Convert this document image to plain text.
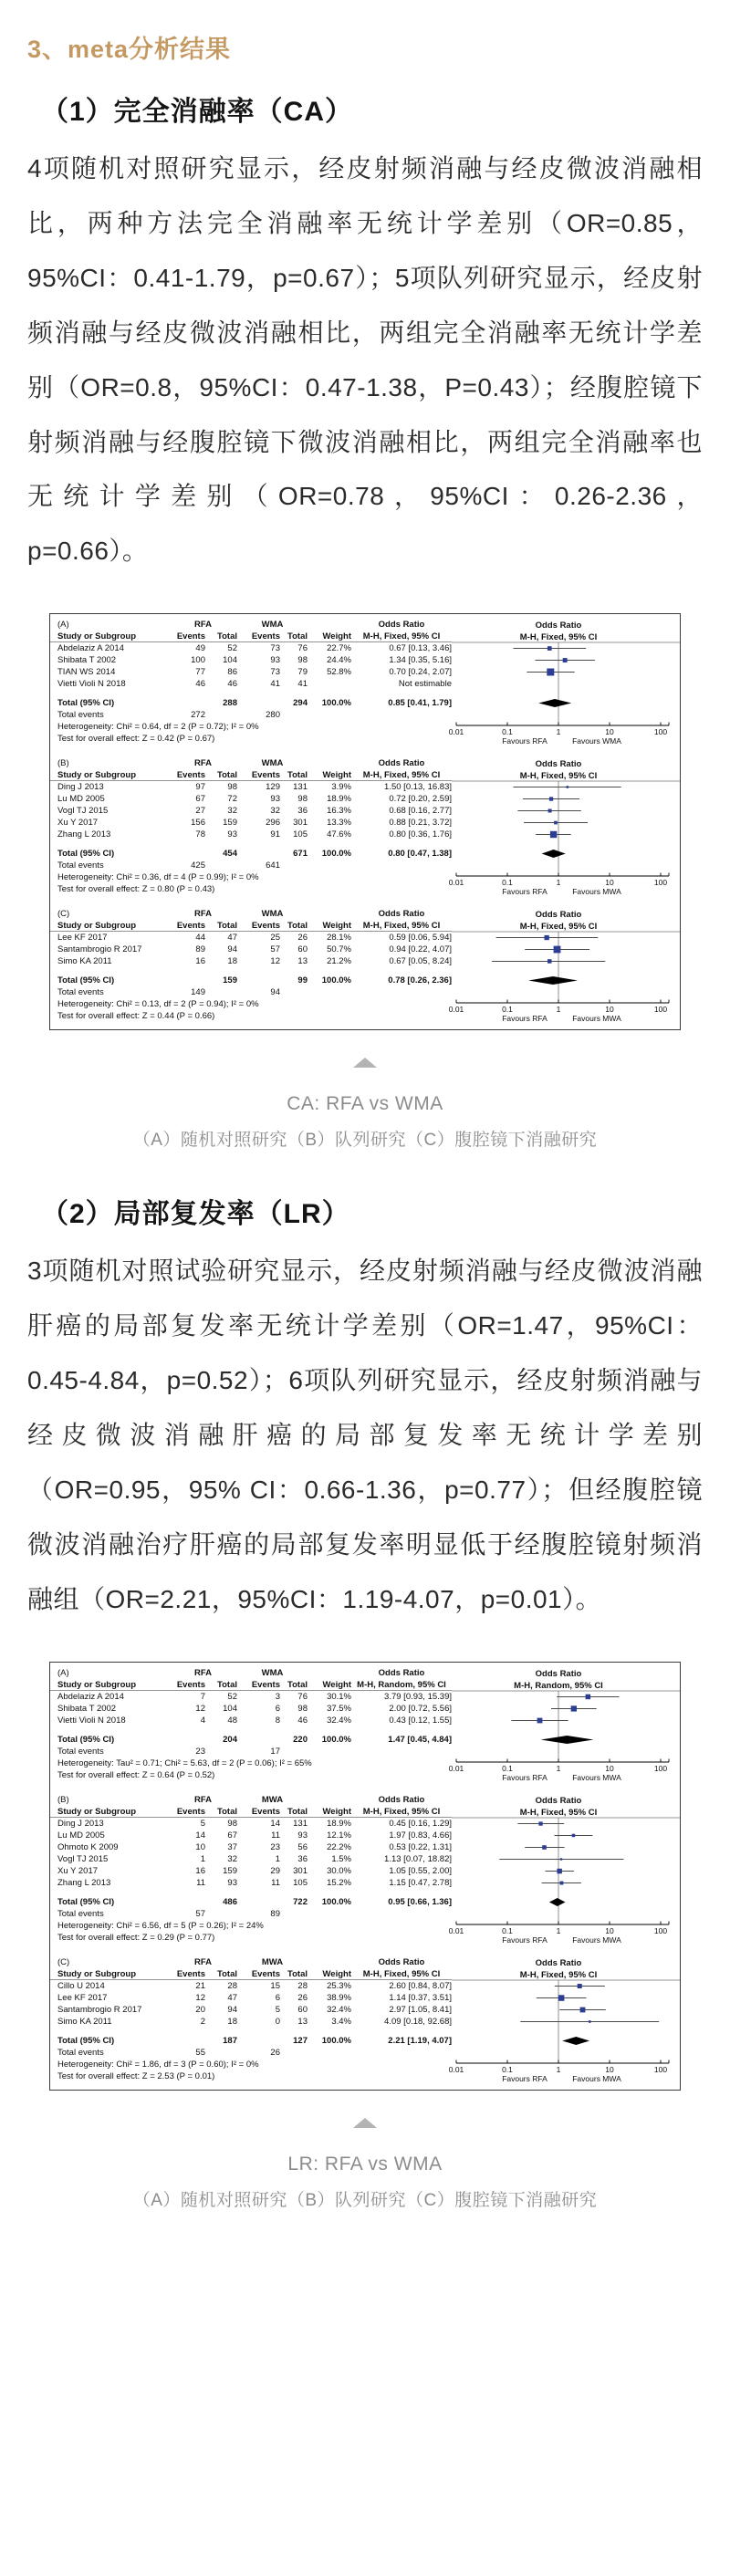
3、meta分析结果
（1）完全消融率（CA）

4项随机对照研究显示，经皮射频消融与经皮微波消融相比，两种方法完全消融率无统计学差别（OR=0.85，95%CI：0.41-1.79，p=0.67）；5项队列研究显示，经皮射频消融与经皮微波消融相比，两组完全消融率无统计学差别（OR=0.8，95%CI：0.47-1.38，P=0.43）；经腹腔镜下射频消融与经腹腔镜下微波消融相比，两组完全消融率也无统计学差别（OR=0.78，95%CI：0.26-2.36，p=0.66）。

(A)	RFA	WMA	Odds Ratio
Study or Subgroup	Events	Total	Events Total	Weight	M-H, Fixed, 95% CI
Abdelaziz A 2014	49	52	73	76	22.7%	0.67 [0.13, 3.46]
Shibata T 2002	100	104	93	98	24.4%	1.34 [0.35, 5.16]
TIAN WS 2014	77	86	73	79	52.8%	0.70 [0.24, 2.07]
Vietti Violi N 2018	46	46	41	41	Not estimable
Total (95% CI)	288	294	100.0%	0.85 [0.41, 1.79]
Total events	272	280
Heterogeneity: Chi² = 0.64, df = 2 (P = 0.72); I² = 0%
Test for overall effect: Z = 0.42 (P = 0.67)
Odds Ratio
M-H, Fixed, 95% CI
0.01	0.1	1	10	100
Favours RFA	Favours WMA
(B)	RFA	WMA	Odds Ratio
Study or Subgroup	Events	Total	Events Total	Weight	M-H, Fixed, 95% CI
Ding J 2013	97	98	129	131	3.9%	1.50 [0.13, 16.83]
Lu MD 2005	67	72	93	98	18.9%	0.72 [0.20, 2.59]
Vogl TJ 2015	27	32	32	36	16.3%	0.68 [0.16, 2.77]
Xu Y 2017	156	159	296	301	13.3%	0.88 [0.21, 3.72]
Zhang L 2013	78	93	91	105	47.6%	0.80 [0.36, 1.76]
Total (95% CI)	454	671	100.0%	0.80 [0.47, 1.38]
Total events	425	641
Heterogeneity: Chi² = 0.36, df = 4 (P = 0.99); I² = 0%
Test for overall effect: Z = 0.80 (P = 0.43)
Odds Ratio
M-H, Fixed, 95% CI
0.01	0.1	1	10	100
Favours RFA	Favours MWA
(C)	RFA	WMA	Odds Ratio
Study or Subgroup	Events	Total	Events Total	Weight	M-H, Fixed, 95% CI
Lee KF 2017	44	47	25	26	28.1%	0.59 [0.06, 5.94]
Santambrogio R 2017	89	94	57	60	50.7%	0.94 [0.22, 4.07]
Simo KA 2011	16	18	12	13	21.2%	0.67 [0.05, 8.24]
Total (95% CI)	159	99	100.0%	0.78 [0.26, 2.36]
Total events	149	94
Heterogeneity: Chi² = 0.13, df = 2 (P = 0.94); I² = 0%
Test for overall effect: Z = 0.44 (P = 0.66)
Odds Ratio
M-H, Fixed, 95% CI
0.01	0.1	1	10	100
Favours RFA	Favours MWA
CA: RFA vs WMA
（A）随机对照研究（B）队列研究（C）腹腔镜下消融研究
（2）局部复发率（LR）

3项随机对照试验研究显示，经皮射频消融与经皮微波消融肝癌的局部复发率无统计学差别（OR=1.47，95%CI：0.45-4.84，p=0.52）；6项队列研究显示，经皮射频消融与经皮微波消融肝癌的局部复发率无统计学差别（OR=0.95，95% CI：0.66-1.36，p=0.77）；但经腹腔镜微波消融治疗肝癌的局部复发率明显低于经腹腔镜射频消融组（OR=2.21，95%CI：1.19-4.07，p=0.01）。

(A)	RFA	WMA	Odds Ratio
Study or Subgroup	Events	Total	Events Total	Weight M-H, Random, 95% CI
Abdelaziz A 2014	7	52	3	76	30.1%	3.79 [0.93, 15.39]
Shibata T 2002	12	104	6	98	37.5%	2.00 [0.72, 5.56]
Vietti Violi N 2018	4	48	8	46	32.4%	0.43 [0.12, 1.55]
Total (95% CI)	204	220	100.0%	1.47 [0.45, 4.84]
Total events	23	17
Heterogeneity: Tau² = 0.71; Chi² = 5.63, df = 2 (P = 0.06); I² = 65%
Test for overall effect: Z = 0.64 (P = 0.52)
Odds Ratio
M-H, Random, 95% CI
0.01	0.1	1	10	100
Favours RFA	Favours MWA
(B)	RFA	MWA	Odds Ratio
Study or Subgroup	Events	Total	Events Total	Weight	M-H, Fixed, 95% CI
Ding J 2013	5	98	14	131	18.9%	0.45 [0.16, 1.29]
Lu MD 2005	14	67	11	93	12.1%	1.97 [0.83, 4.66]
Ohmoto K 2009	10	37	23	56	22.2%	0.53 [0.22, 1.31]
Vogl TJ 2015	1	32	1	36	1.5%	1.13 [0.07, 18.82]
Xu Y 2017	16	159	29	301	30.0%	1.05 [0.55, 2.00]
Zhang L 2013	11	93	11	105	15.2%	1.15 [0.47, 2.78]
Total (95% CI)	486	722	100.0%	0.95 [0.66, 1.36]
Total events	57	89
Heterogeneity: Chi² = 6.56, df = 5 (P = 0.26); I² = 24%
Test for overall effect: Z = 0.29 (P = 0.77)
Odds Ratio
M-H, Fixed, 95% CI
0.01	0.1	1	10	100
Favours RFA	Favours MWA
(C)	RFA	MWA	Odds Ratio
Study or Subgroup	Events	Total	Events Total	Weight	M-H, Fixed, 95% CI
Cillo U 2014	21	28	15	28	25.3%	2.60 [0.84, 8.07]
Lee KF 2017	12	47	6	26	38.9%	1.14 [0.37, 3.51]
Santambrogio R 2017	20	94	5	60	32.4%	2.97 [1.05, 8.41]
Simo KA 2011	2	18	0	13	3.4%	4.09 [0.18, 92.68]
Total (95% CI)	187	127	100.0%	2.21 [1.19, 4.07]
Total events	55	26
Heterogeneity: Chi² = 1.86, df = 3 (P = 0.60); I² = 0%
Test for overall effect: Z = 2.53 (P = 0.01)
Odds Ratio
M-H, Fixed, 95% CI
0.01	0.1	1	10	100
Favours RFA	Favours MWA
LR: RFA vs WMA
（A）随机对照研究（B）队列研究（C）腹腔镜下消融研究
